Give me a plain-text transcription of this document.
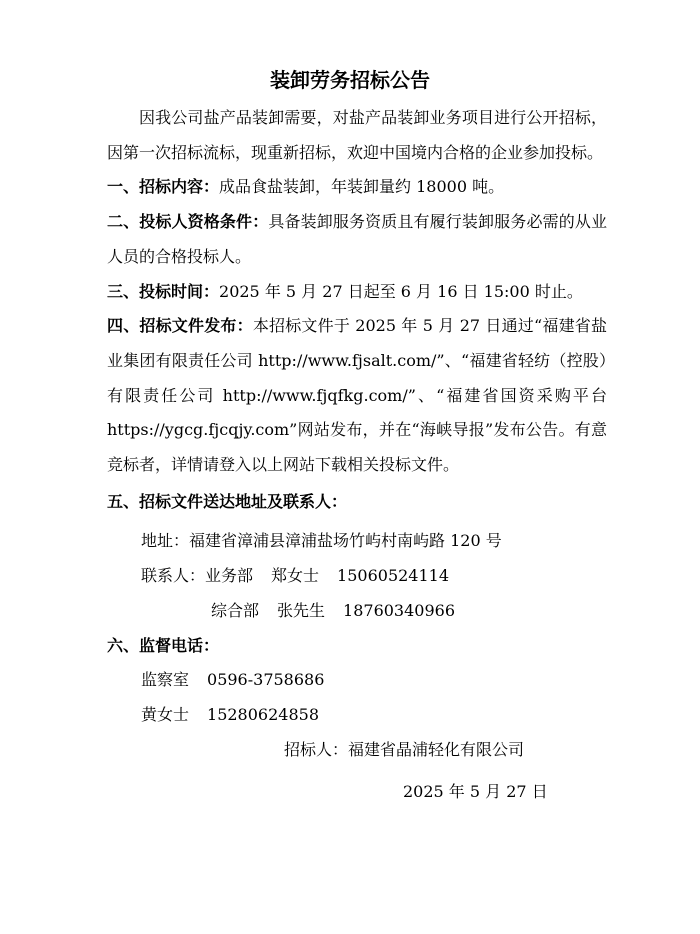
装卸劳务招标公告

因我公司盐产品装卸需要，对盐产品装卸业务项目进行公开招标，因第一次招标流标，现重新招标，欢迎中国境内合格的企业参加投标。

一、招标内容：成品食盐装卸，年装卸量约 18000 吨。

二、投标人资格条件：具备装卸服务资质且有履行装卸服务必需的从业人员的合格投标人。

三、投标时间：2025 年 5 月 27 日起至 6 月 16 日 15:00 时止。

四、招标文件发布：本招标文件于 2025 年 5 月 27 日通过“福建省盐业集团有限责任公司 http://www.fjsalt.com/”、“福建省轻纺（控股）有限责任公司 http://www.fjqfkg.com/”、“福建省国资采购平台 https://ygcg.fjcqjy.com”网站发布，并在“海峡导报”发布公告。有意竞标者，详情请登入以上网站下载相关投标文件。

五、招标文件送达地址及联系人：

地址：福建省漳浦县漳浦盐场竹屿村南屿路 120 号

联系人：业务部 郑女士 15060524114

综合部 张先生 18760340966

六、监督电话：

监察室 0596-3758686

黄女士 15280624858

招标人：福建省晶浦轻化有限公司

2025 年 5 月 27 日
